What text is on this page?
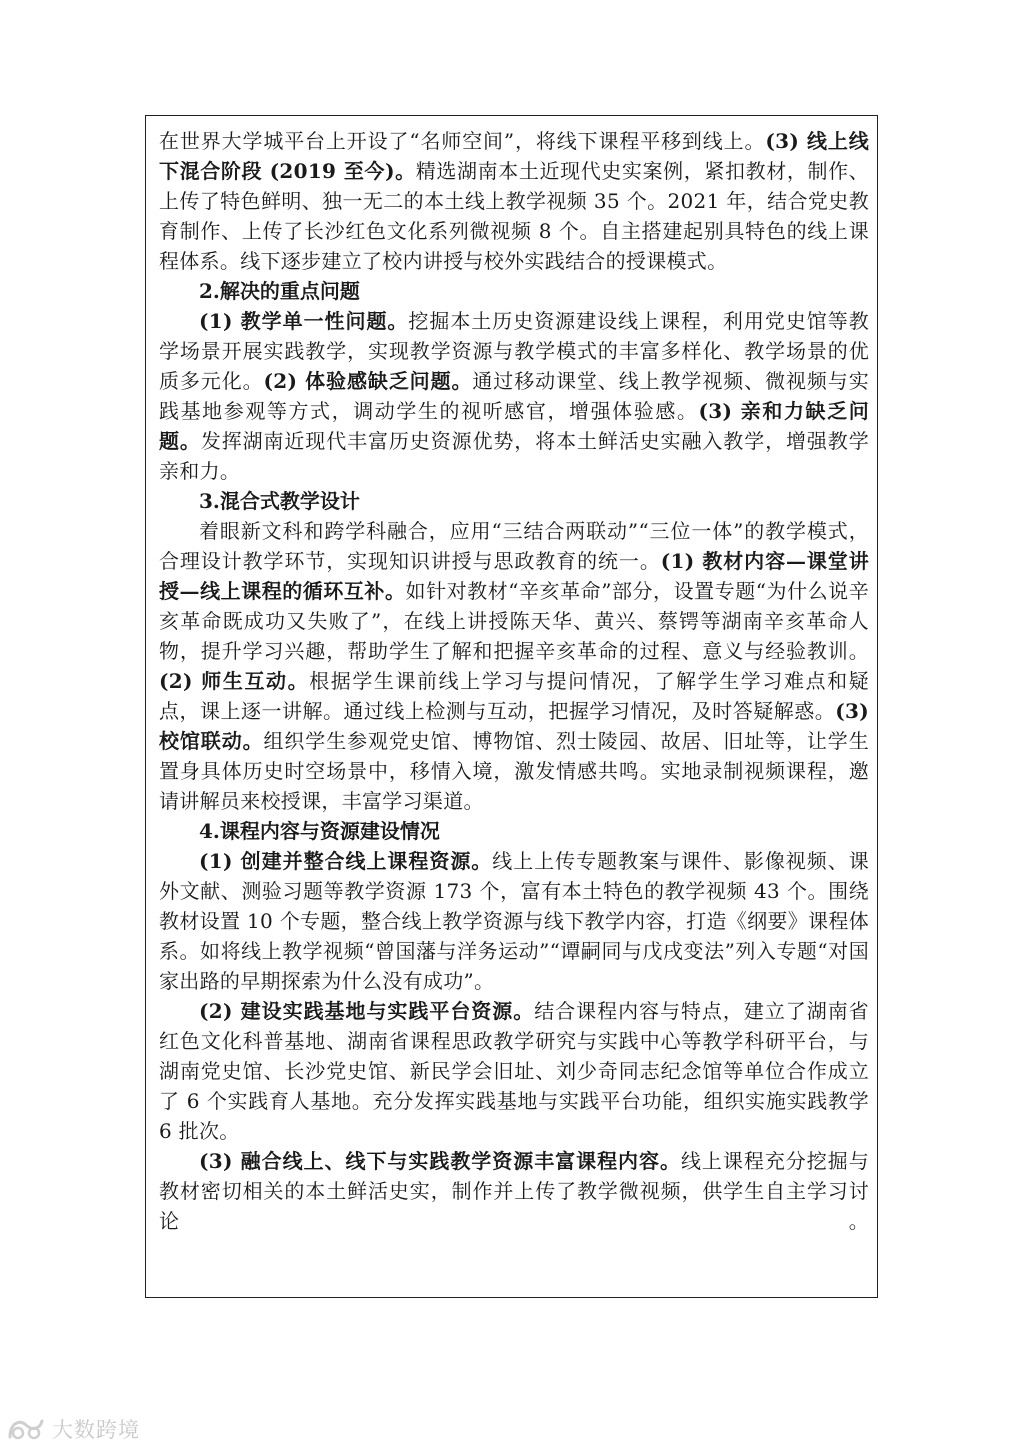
在世界大学城平台上开设了“名师空间”，将线下课程平移到线上。(3) 线上线下混合阶段 (2019 至今)。精选湖南本土近现代史实案例，紧扣教材，制作、上传了特色鲜明、独一无二的本土线上教学视频 35 个。2021 年，结合党史教育制作、上传了长沙红色文化系列微视频 8 个。自主搭建起别具特色的线上课程体系。线下逐步建立了校内讲授与校外实践结合的授课模式。

2.解决的重点问题

(1) 教学单一性问题。挖掘本土历史资源建设线上课程，利用党史馆等教学场景开展实践教学，实现教学资源与教学模式的丰富多样化、教学场景的优质多元化。(2) 体验感缺乏问题。通过移动课堂、线上教学视频、微视频与实践基地参观等方式，调动学生的视听感官，增强体验感。(3) 亲和力缺乏问题。发挥湖南近现代丰富历史资源优势，将本土鲜活史实融入教学，增强教学亲和力。

3.混合式教学设计

着眼新文科和跨学科融合，应用“三结合两联动”“三位一体”的教学模式，合理设计教学环节，实现知识讲授与思政教育的统一。(1) 教材内容—课堂讲授—线上课程的循环互补。如针对教材“辛亥革命”部分，设置专题“为什么说辛亥革命既成功又失败了”，在线上讲授陈天华、黄兴、蔡锷等湖南辛亥革命人物，提升学习兴趣，帮助学生了解和把握辛亥革命的过程、意义与经验教训。(2) 师生互动。根据学生课前线上学习与提问情况，了解学生学习难点和疑点，课上逐一讲解。通过线上检测与互动，把握学习情况，及时答疑解惑。(3) 校馆联动。组织学生参观党史馆、博物馆、烈士陵园、故居、旧址等，让学生置身具体历史时空场景中，移情入境，激发情感共鸣。实地录制视频课程，邀请讲解员来校授课，丰富学习渠道。

4.课程内容与资源建设情况

(1) 创建并整合线上课程资源。线上上传专题教案与课件、影像视频、课外文献、测验习题等教学资源 173 个，富有本土特色的教学视频 43 个。围绕教材设置 10 个专题，整合线上教学资源与线下教学内容，打造《纲要》课程体系。如将线上教学视频“曾国藩与洋务运动”“谭嗣同与戊戌变法”列入专题“对国家出路的早期探索为什么没有成功”。

(2) 建设实践基地与实践平台资源。结合课程内容与特点，建立了湖南省红色文化科普基地、湖南省课程思政教学研究与实践中心等教学科研平台，与湖南党史馆、长沙党史馆、新民学会旧址、刘少奇同志纪念馆等单位合作成立了 6 个实践育人基地。充分发挥实践基地与实践平台功能，组织实施实践教学 6 批次。

(3) 融合线上、线下与实践教学资源丰富课程内容。线上课程充分挖掘与教材密切相关的本土鲜活史实，制作并上传了教学微视频，供学生自主学习讨论。

大数跨境
